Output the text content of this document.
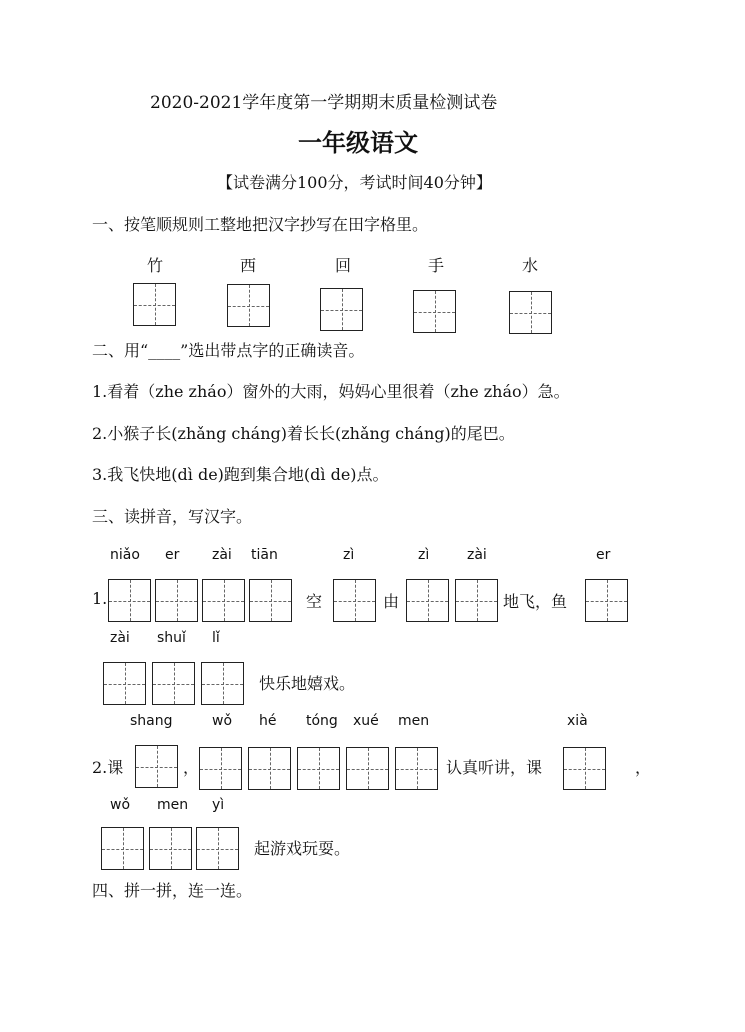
2020-2021学年度第一学期期末质量检测试卷
一年级语文
【试卷满分100分，考试时间40分钟】
一、按笔顺规则工整地把汉字抄写在田字格里。
竹	西	回	手	水
二、用“____”选出带点字的正确读音。
1.看着（zhe zháo）窗外的大雨，妈妈心里很着（zhe zháo）急。
2.小猴子长(zhǎng cháng)着长长(zhǎng cháng)的尾巴。
3.我飞快地(dì de)跑到集合地(dì de)点。
三、读拼音，写汉字。
niǎo er zài tiān	zì	zì	zài	er
1.	空	由	地飞，鱼
zài shuǐ lǐ
快乐地嬉戏。
shang	wǒ hé tóng xué men	xià
2.课	，	认真听讲，课	，
wǒ men yì
起游戏玩耍。
四、拼一拼，连一连。
